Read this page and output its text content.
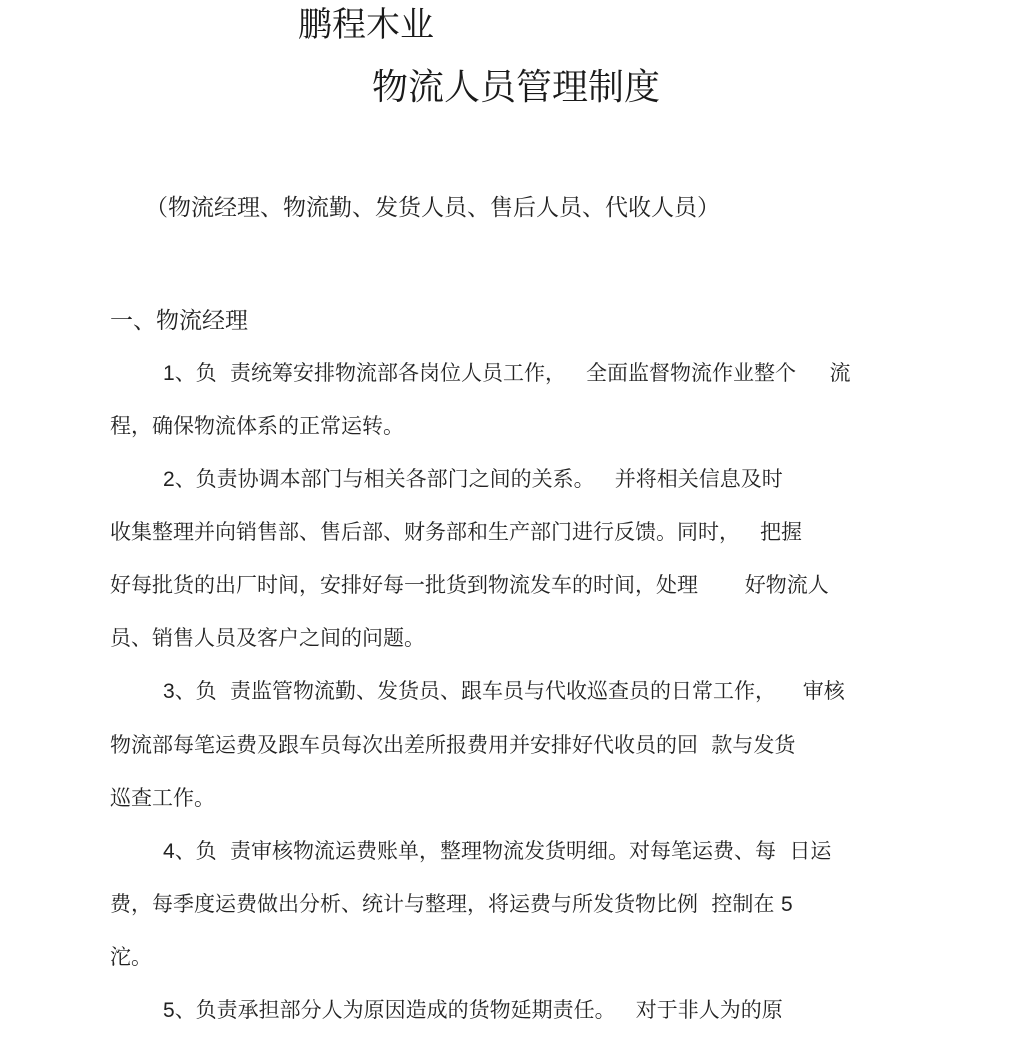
鹏程木业
物流人员管理制度
（物流经理、物流勤、发货人员、售后人员、代收人员）
一、物流经理
1、负  责统筹安排物流部各岗位人员工作，   全面监督物流作业整个     流
程，确保物流体系的正常运转。
2、负责协调本部门与相关各部门之间的关系。   并将相关信息及时
收集整理并向销售部、售后部、财务部和生产部门进行反馈。同时，   把握
好每批货的出厂时间，安排好每一批货到物流发车的时间，处理       好物流人
员、销售人员及客户之间的问题。
3、负  责监管物流勤、发货员、跟车员与代收巡查员的日常工作，    审核
物流部每笔运费及跟车员每次出差所报费用并安排好代收员的回  款与发货
巡查工作。
4、负  责审核物流运费账单，整理物流发货明细。对每笔运费、每  日运
费，每季度运费做出分析、统计与整理，将运费与所发货物比例  控制在 5
沱。
5、负责承担部分人为原因造成的货物延期责任。   对于非人为的原
